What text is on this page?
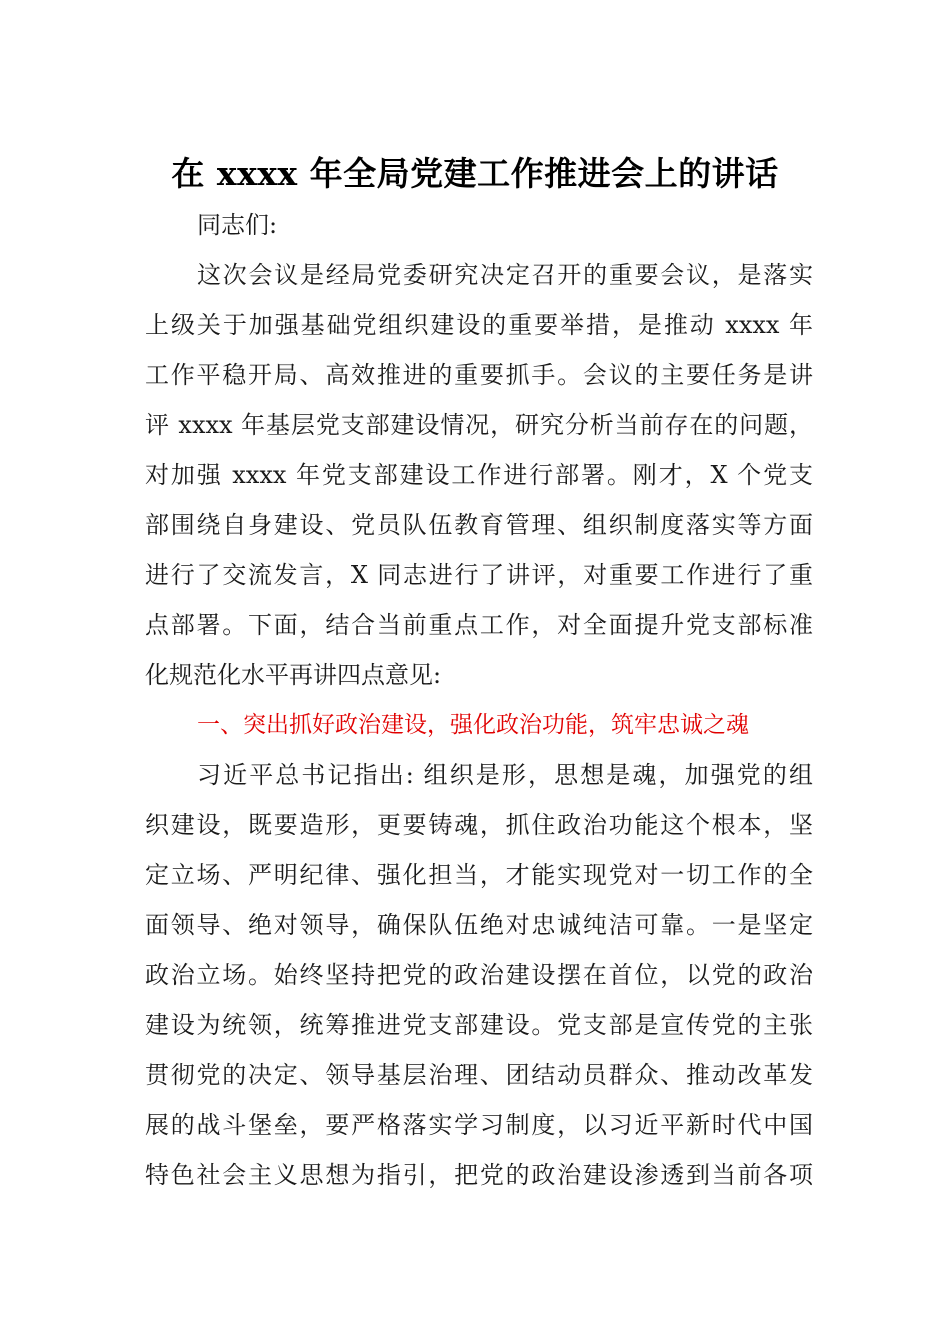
在 xxxx 年全局党建工作推进会上的讲话
同志们:
这次会议是经局党委研究决定召开的重要会议，是落实
上级关于加强基础党组织建设的重要举措，是推动 xxxx 年
工作平稳开局、高效推进的重要抓手。会议的主要任务是讲
评 xxxx 年基层党支部建设情况，研究分析当前存在的问题，
对加强 xxxx 年党支部建设工作进行部署。刚才，X 个党支
部围绕自身建设、党员队伍教育管理、组织制度落实等方面
进行了交流发言，X 同志进行了讲评，对重要工作进行了重
点部署。下面，结合当前重点工作，对全面提升党支部标准
化规范化水平再讲四点意见:
一、突出抓好政治建设，强化政治功能，筑牢忠诚之魂
习近平总书记指出: 组织是形，思想是魂，加强党的组
织建设，既要造形，更要铸魂，抓住政治功能这个根本，坚
定立场、严明纪律、强化担当，才能实现党对一切工作的全
面领导、绝对领导，确保队伍绝对忠诚纯洁可靠。一是坚定
政治立场。始终坚持把党的政治建设摆在首位，以党的政治
建设为统领，统筹推进党支部建设。党支部是宣传党的主张
贯彻党的决定、领导基层治理、团结动员群众、推动改革发
展的战斗堡垒，要严格落实学习制度，以习近平新时代中国
特色社会主义思想为指引，把党的政治建设渗透到当前各项
